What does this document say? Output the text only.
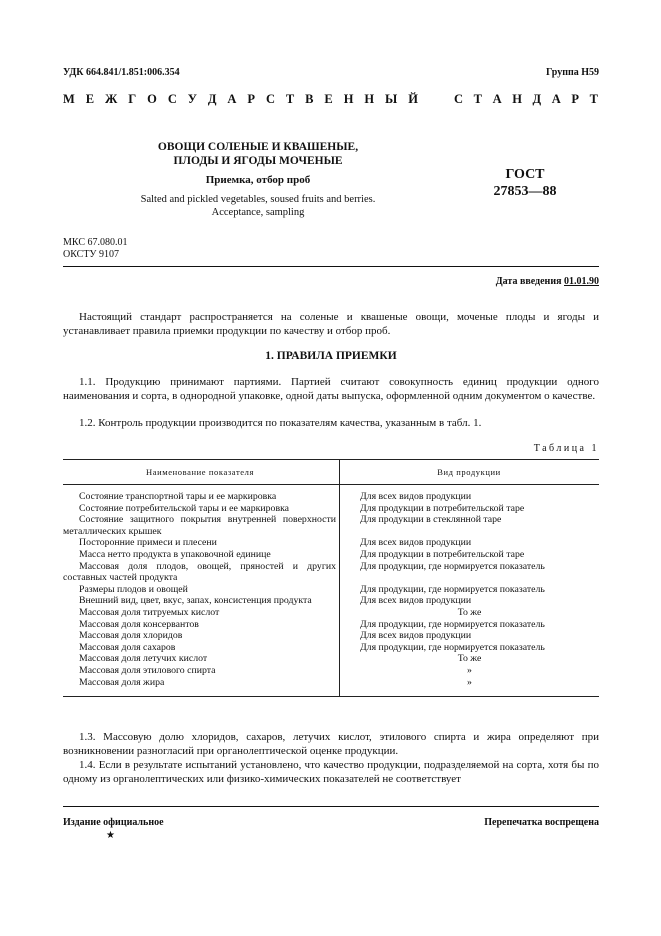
УДК 664.841/1.851:006.354	Группа Н59
М Е Ж Г О С У Д А Р С Т В Е Н Н Ы Й	С Т А Н Д А Р Т
ОВОЩИ СОЛЕНЫЕ И КВАШЕНЫЕ,
ПЛОДЫ И ЯГОДЫ МОЧЕНЫЕ
Приемка, отбор проб
Salted and pickled vegetables, soused fruits and berries.
Acceptance, sampling
ГОСТ
27853—88
МКС 67.080.01
ОКСТУ 9107
Дата введения 01.01.90
Настоящий стандарт распространяется на соленые и квашеные овощи, моченые плоды и ягоды и устанавливает правила приемки продукции по качеству и отбор проб.
1. ПРАВИЛА ПРИЕМКИ
1.1. Продукцию принимают партиями. Партией считают совокупность единиц продукции одного наименования и сорта, в однородной упаковке, одной даты выпуска, оформленной одним документом о качестве.
1.2. Контроль продукции производится по показателям качества, указанным в табл. 1.
Таблица 1
Наименование показателя	Вид продукции

Состояние транспортной тары и ее маркировка	Для всех видов продукции
Состояние потребительской тары и ее маркировка	Для продукции в потребительской таре
Состояние защитного покрытия внутренней поверхности металлических крышек	Для продукции в стеклянной таре
Посторонние примеси и плесени	Для всех видов продукции
Масса нетто продукта в упаковочной единице	Для продукции в потребительской таре
Массовая доля плодов, овощей, пряностей и других составных частей продукта	Для продукции, где нормируется показатель
Размеры плодов и овощей	Для продукции, где нормируется показатель
Внешний вид, цвет, вкус, запах, консистенция продукта	Для всех видов продукции
Массовая доля титруемых кислот	То же
Массовая доля консервантов	Для продукции, где нормируется показатель
Массовая доля хлоридов	Для всех видов продукции
Массовая доля сахаров	Для продукции, где нормируется показатель
Массовая доля летучих кислот	То же
Массовая доля этилового спирта	»
Массовая доля жира	»

1.3. Массовую долю хлоридов, сахаров, летучих кислот, этилового спирта и жира определяют при возникновении разногласий при органолептической оценке продукции.
1.4. Если в результате испытаний установлено, что качество продукции, подразделяемой на сорта, хотя бы по одному из органолептических или физико-химических показателей не соответствует
Издание официальное
★
Перепечатка воспрещена
